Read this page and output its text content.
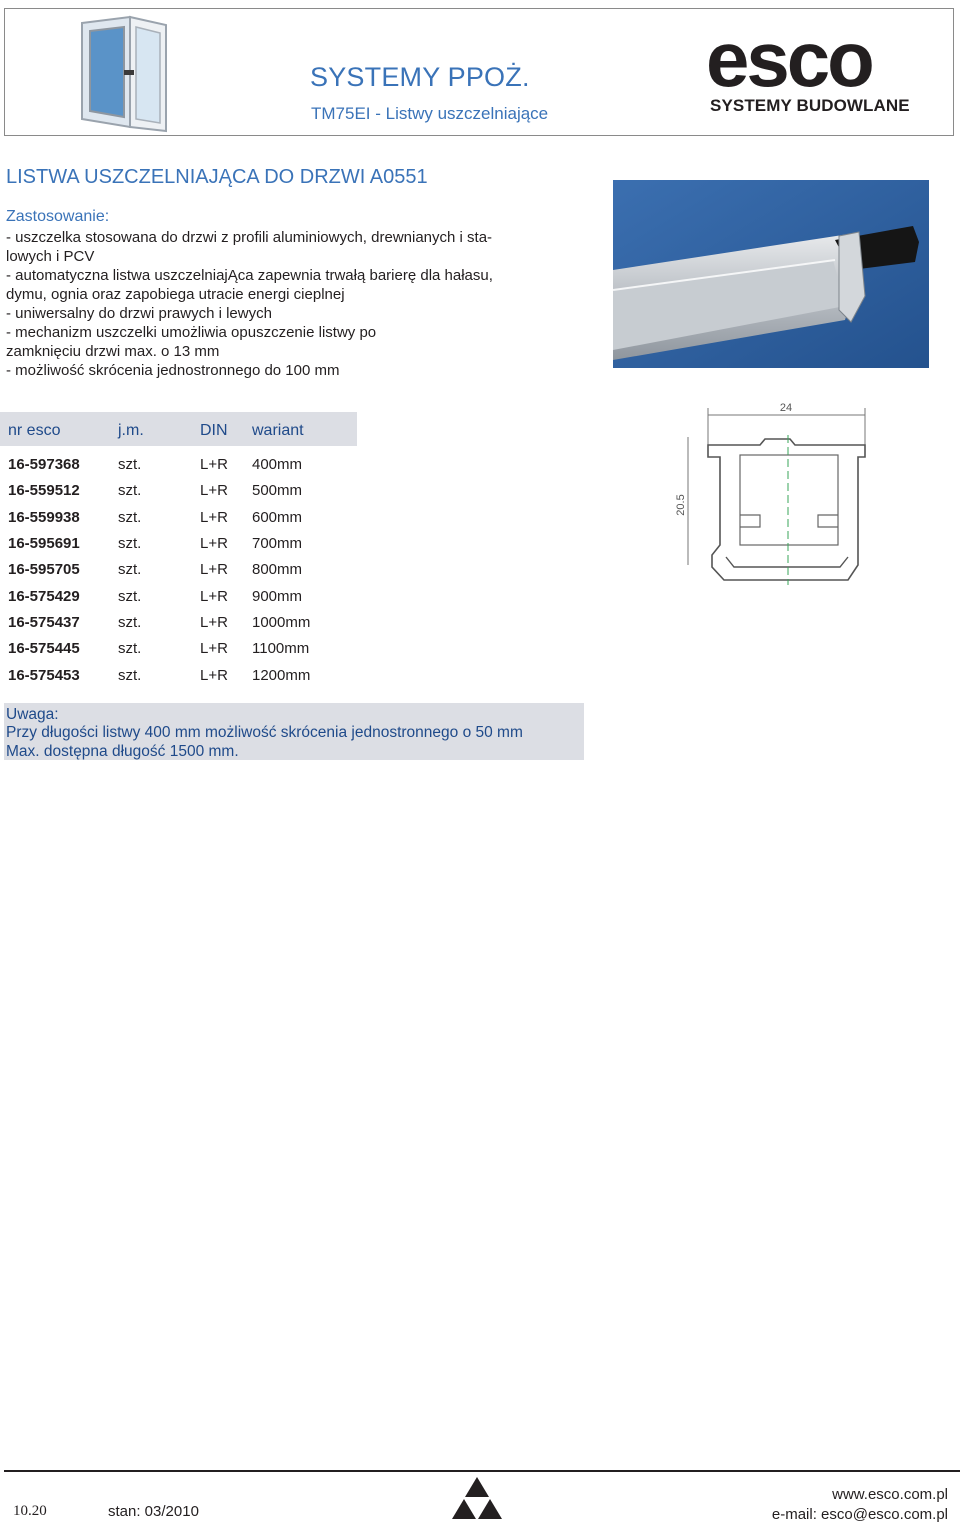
SYSTEMY PPOŻ.
TM75EI - Listwy uszczelniające
esco
SYSTEMY BUDOWLANE
LISTWA USZCZELNIAJĄCA DO DRZWI A0551
Zastosowanie:
- uszczelka stosowana do drzwi z profili aluminiowych, drewnianych i sta-
lowych i PCV
- automatyczna listwa uszczelniajĄca zapewnia trwałą barierę dla hałasu,
dymu, ognia oraz zapobiega utracie energi cieplnej
- uniwersalny do drzwi prawych i lewych
- mechanizm uszczelki umożliwia opuszczenie listwy po
zamknięciu drzwi max. o 13 mm
- możliwość skrócenia jednostronnego do 100 mm
24
20.5
nr esco	j.m.	DIN wariant
16-597368	szt.	L+R 400mm
16-559512	szt.	L+R 500mm
16-559938	szt.	L+R 600mm
16-595691	szt.	L+R 700mm
16-595705	szt.	L+R 800mm
16-575429	szt.	L+R 900mm
16-575437	szt.	L+R 1000mm
16-575445	szt.	L+R 1100mm
16-575453	szt.	L+R 1200mm
Uwaga:
Przy długości listwy 400 mm możliwość skrócenia jednostronnego o 50 mm
Max. dostępna długość 1500 mm.
10.20	stan: 03/2010
www.esco.com.pl
e-mail: esco@esco.com.pl
